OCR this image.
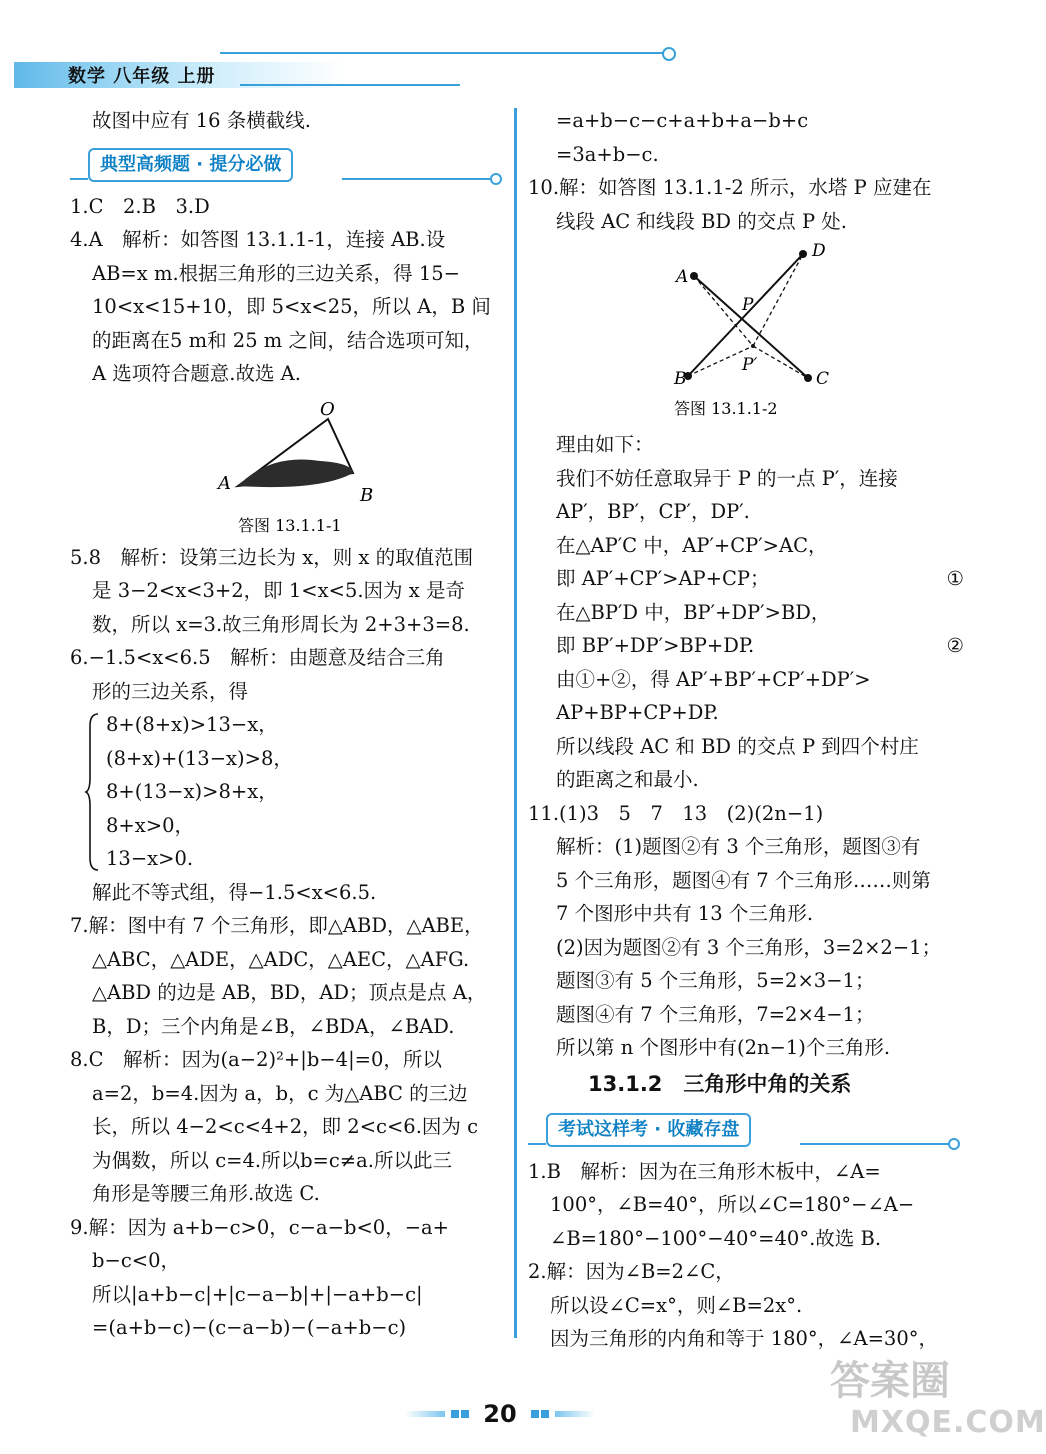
数学 八年级 上册

故图中应有 16 条横截线.

典型高频题 · 提分必做

1.C　2.B　3.D

4.A　解析：如答图 13.1.1-1，连接 AB.设

AB=x m.根据三角形的三边关系，得 15−

10<x<15+10，即 5<x<25，所以 A，B 间

的距离在5 m和 25 m 之间，结合选项可知，

A 选项符合题意.故选 A.

O
A
B
答图 13.1.1-1

5.8　解析：设第三边长为 x，则 x 的取值范围

是 3−2<x<3+2，即 1<x<5.因为 x 是奇

数，所以 x=3.故三角形周长为 2+3+3=8.

6.−1.5<x<6.5　解析：由题意及结合三角

形的三边关系，得

8+(8+x)>13−x，

(8+x)+(13−x)>8，

8+(13−x)>8+x，

8+x>0，

13−x>0.

解此不等式组，得−1.5<x<6.5.

7.解：图中有 7 个三角形，即△ABD，△ABE，

△ABC，△ADE，△ADC，△AEC，△AFG.

△ABD 的边是 AB，BD，AD；顶点是点 A，

B，D；三个内角是∠B，∠BDA，∠BAD.

8.C　解析：因为(a−2)²+|b−4|=0，所以

a=2，b=4.因为 a，b，c 为△ABC 的三边

长，所以 4−2<c<4+2，即 2<c<6.因为 c

为偶数，所以 c=4.所以b=c≠a.所以此三

角形是等腰三角形.故选 C.

9.解：因为 a+b−c>0，c−a−b<0，−a+

b−c<0，

所以|a+b−c|+|c−a−b|+|−a+b−c|

=(a+b−c)−(c−a−b)−(−a+b−c)

=a+b−c−c+a+b+a−b+c

=3a+b−c.

10.解：如答图 13.1.1-2 所示，水塔 P 应建在

线段 AC 和线段 BD 的交点 P 处.

A
D
P
P′
B	C
答图 13.1.1-2

理由如下：

我们不妨任意取异于 P 的一点 P′，连接

AP′，BP′，CP′，DP′.

在△AP′C 中，AP′+CP′>AC，

即 AP′+CP′>AP+CP；	①

在△BP′D 中，BP′+DP′>BD，

即 BP′+DP′>BP+DP.	②

由①+②，得 AP′+BP′+CP′+DP′>

AP+BP+CP+DP.

所以线段 AC 和 BD 的交点 P 到四个村庄

的距离之和最小.

11.(1)3　5　7　13　(2)(2n−1)

解析：(1)题图②有 3 个三角形，题图③有

5 个三角形，题图④有 7 个三角形……则第

7 个图形中共有 13 个三角形.

(2)因为题图②有 3 个三角形，3=2×2−1；

题图③有 5 个三角形，5=2×3−1；

题图④有 7 个三角形，7=2×4−1；

所以第 n 个图形中有(2n−1)个三角形.

13.1.2　三角形中角的关系

考试这样考 · 收藏存盘

1.B　解析：因为在三角形木板中，∠A=

100°，∠B=40°，所以∠C=180°−∠A−

∠B=180°−100°−40°=40°.故选 B.

2.解：因为∠B=2∠C，

所以设∠C=x°，则∠B=2x°.

因为三角形的内角和等于 180°，∠A=30°，

20
答案圈
MXQE.COM
